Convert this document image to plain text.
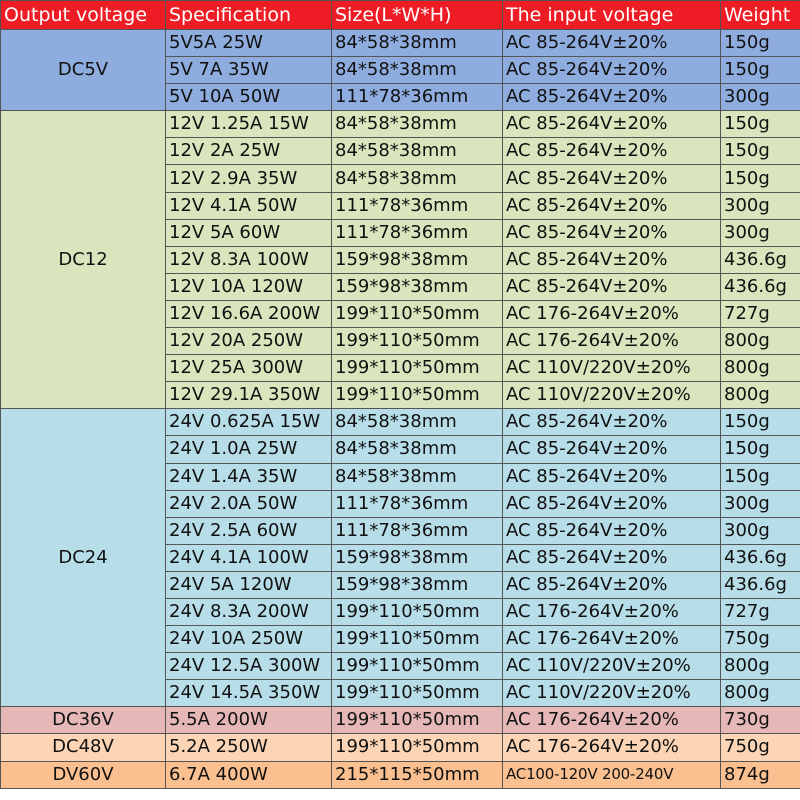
Output voltage	Specification	Size(L*W*H)	The input voltage	Weight
DC5V	5V5A 25W	84*58*38mm	AC 85-264V±20%	150g
	5V 7A 35W	84*58*38mm	AC 85-264V±20%	150g
	5V 10A 50W	111*78*36mm	AC 85-264V±20%	300g
DC12	12V 1.25A 15W	84*58*38mm	AC 85-264V±20%	150g
	12V 2A 25W	84*58*38mm	AC 85-264V±20%	150g
	12V 2.9A 35W	84*58*38mm	AC 85-264V±20%	150g
	12V 4.1A 50W	111*78*36mm	AC 85-264V±20%	300g
	12V 5A 60W	111*78*36mm	AC 85-264V±20%	300g
	12V 8.3A 100W	159*98*38mm	AC 85-264V±20%	436.6g
	12V 10A 120W	159*98*38mm	AC 85-264V±20%	436.6g
	12V 16.6A 200W	199*110*50mm	AC 176-264V±20%	727g
	12V 20A 250W	199*110*50mm	AC 176-264V±20%	800g
	12V 25A 300W	199*110*50mm	AC 110V/220V±20%	800g
	12V 29.1A 350W	199*110*50mm	AC 110V/220V±20%	800g
DC24	24V 0.625A 15W	84*58*38mm	AC 85-264V±20%	150g
	24V 1.0A 25W	84*58*38mm	AC 85-264V±20%	150g
	24V 1.4A 35W	84*58*38mm	AC 85-264V±20%	150g
	24V 2.0A 50W	111*78*36mm	AC 85-264V±20%	300g
	24V 2.5A 60W	111*78*36mm	AC 85-264V±20%	300g
	24V 4.1A 100W	159*98*38mm	AC 85-264V±20%	436.6g
	24V 5A 120W	159*98*38mm	AC 85-264V±20%	436.6g
	24V 8.3A 200W	199*110*50mm	AC 176-264V±20%	727g
	24V 10A 250W	199*110*50mm	AC 176-264V±20%	750g
	24V 12.5A 300W	199*110*50mm	AC 110V/220V±20%	800g
	24V 14.5A 350W	199*110*50mm	AC 110V/220V±20%	800g
DC36V	5.5A 200W	199*110*50mm	AC 176-264V±20%	730g
DC48V	5.2A 250W	199*110*50mm	AC 176-264V±20%	750g
DV60V	6.7A 400W	215*115*50mm	AC100-120V 200-240V	874g
